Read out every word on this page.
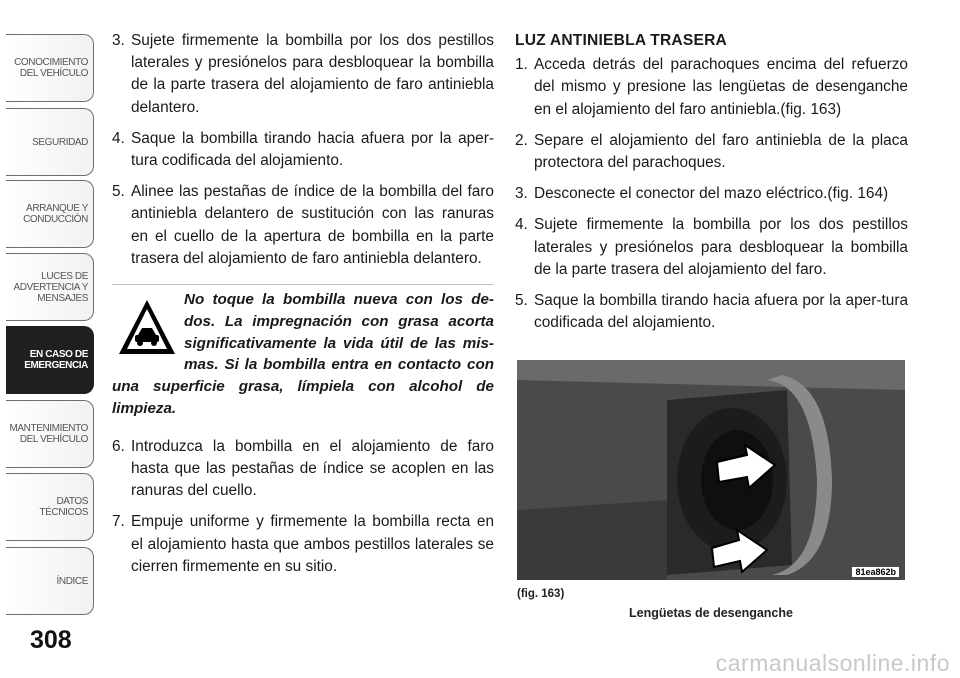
CONOCIMIENTO
DEL VEHÍCULO
SEGURIDAD
ARRANQUE Y
CONDUCCIÓN
LUCES DE
ADVERTENCIA Y
MENSAJES
EN CASO DE
EMERGENCIA
MANTENIMIENTO
DEL VEHÍCULO
DATOS
TÉCNICOS
ÍNDICE
308
3. Sujete firmemente la bombilla por los dos pestillos laterales y presiónelos para desbloquear la bombilla de la parte trasera del alojamiento de faro antiniebla delantero.
4. Saque la bombilla tirando hacia afuera por la aper-tura codificada del alojamiento.
5. Alinee las pestañas de índice de la bombilla del faro antiniebla delantero de sustitución con las ranuras en el cuello de la apertura de bombilla en la parte trasera del alojamiento de faro antiniebla delantero.
No toque la bombilla nueva con los de-dos. La impregnación con grasa acorta significativamente la vida útil de las mis-mas. Si la bombilla entra en contacto con una superficie grasa, límpiela con alcohol de limpieza.
6. Introduzca la bombilla en el alojamiento de faro hasta que las pestañas de índice se acoplen en las ranuras del cuello.
7. Empuje uniforme y firmemente la bombilla recta en el alojamiento hasta que ambos pestillos laterales se cierren firmemente en su sitio.
LUZ ANTINIEBLA TRASERA
1. Acceda detrás del parachoques encima del refuerzo del mismo y presione las lengüetas de desenganche en el alojamiento del faro antiniebla.(fig. 163)
2. Separe el alojamiento del faro antiniebla de la placa protectora del parachoques.
3. Desconecte el conector del mazo eléctrico.(fig. 164)
4. Sujete firmemente la bombilla por los dos pestillos laterales y presiónelos para desbloquear la bombilla de la parte trasera del alojamiento del faro.
5. Saque la bombilla tirando hacia afuera por la aper-tura codificada del alojamiento.
81ea862b
(fig. 163)
Lengüetas de desenganche
carmanualsonline.info
